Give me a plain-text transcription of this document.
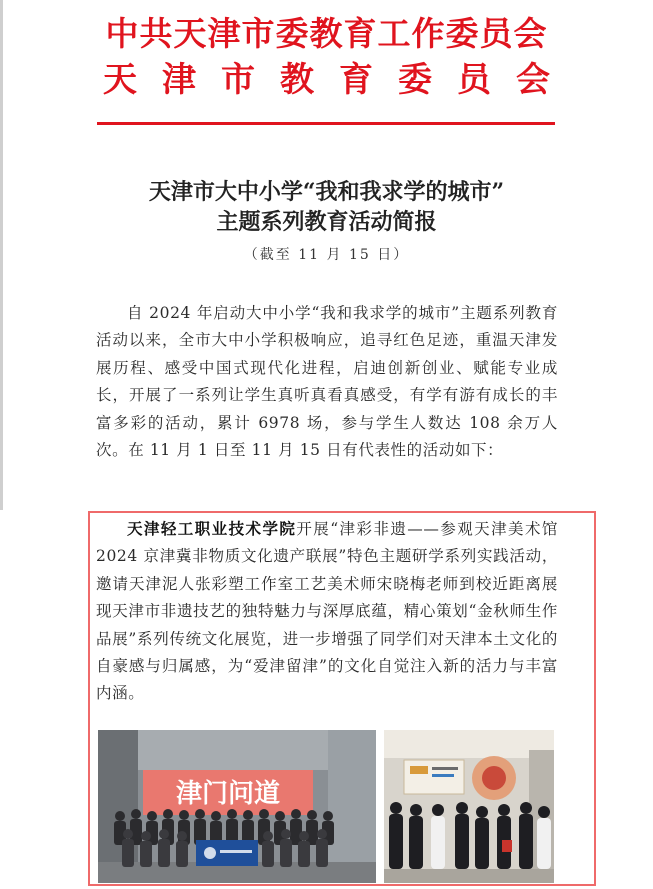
中共天津市委教育工作委员会
天津市教育委员会
天津市大中小学“我和我求学的城市”
主题系列教育活动简报
（截至 11 月 15 日）

自 2024 年启动大中小学“我和我求学的城市”主题系列教育活动以来，全市大中小学积极响应，追寻红色足迹，重温天津发展历程、感受中国式现代化进程，启迪创新创业、赋能专业成长，开展了一系列让学生真听真看真感受，有学有游有成长的丰富多彩的活动，累计 6978 场，参与学生人数达 108 余万人次。在 11 月 1 日至 11 月 15 日有代表性的活动如下：

天津轻工职业技术学院开展“津彩非遗——参观天津美术馆 2024 京津冀非物质文化遗产联展”特色主题研学系列实践活动，邀请天津泥人张彩塑工作室工艺美术师宋晓梅老师到校近距离展现天津市非遗技艺的独特魅力与深厚底蕴，精心策划“金秋师生作品展”系列传统文化展览，进一步增强了同学们对天津本土文化的自豪感与归属感，为“爱津留津”的文化自觉注入新的活力与丰富内涵。

津门问道
